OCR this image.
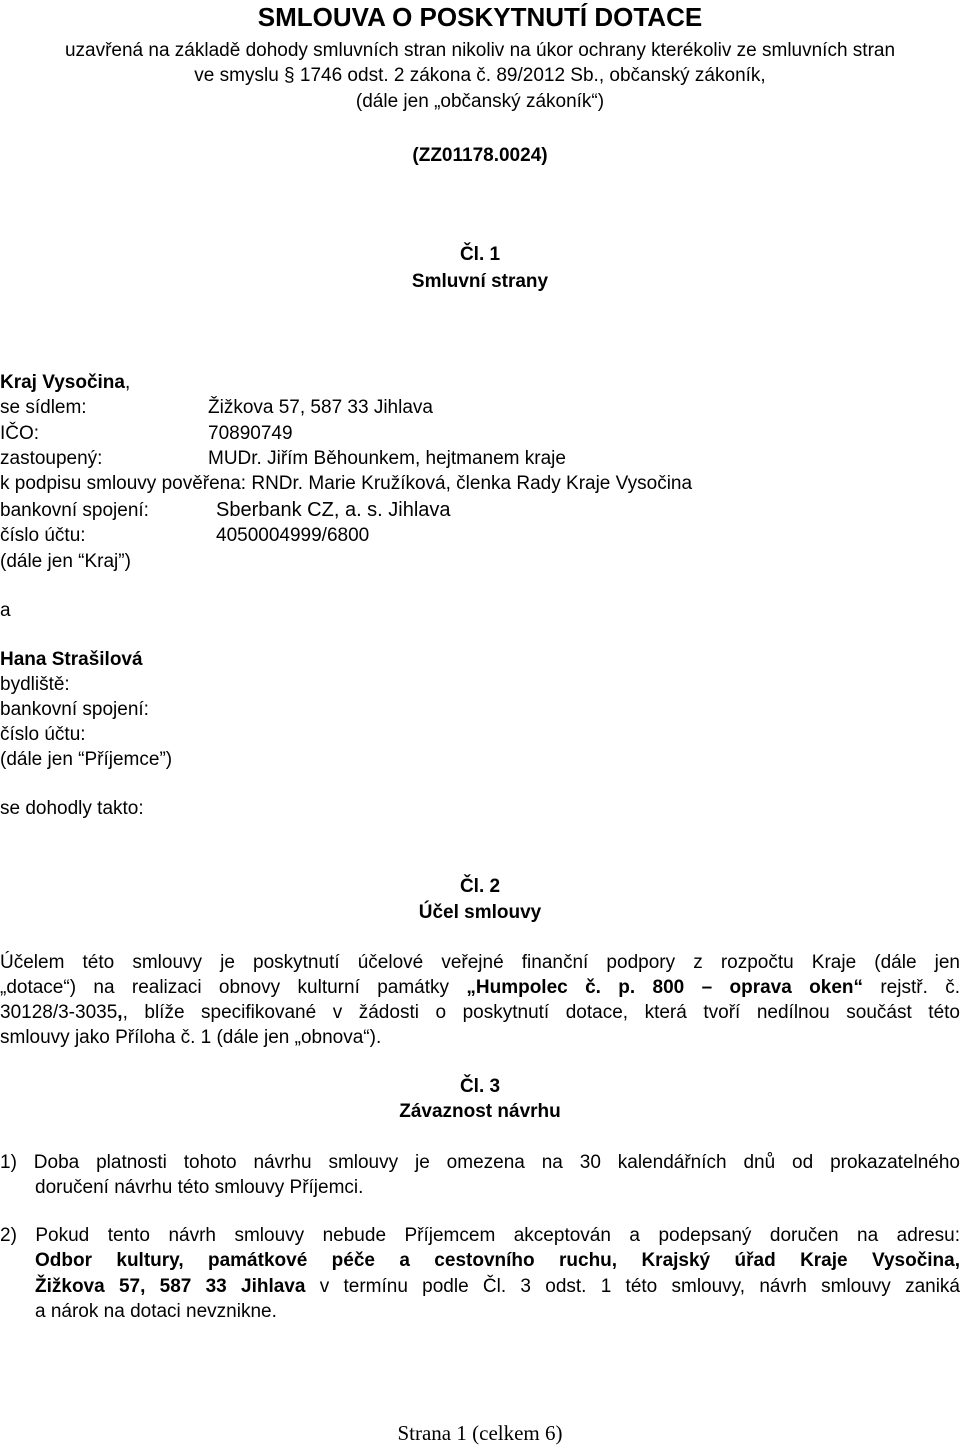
SMLOUVA O POSKYTNUTÍ DOTACE
uzavřená na základě dohody smluvních stran nikoliv na úkor ochrany kterékoliv ze smluvních stran
ve smyslu § 1746 odst. 2 zákona č. 89/2012 Sb., občanský zákoník,
(dále jen „občanský zákoník“)
(ZZ01178.0024)
Čl. 1
Smluvní strany
Kraj Vysočina,
se sídlem:	Žižkova 57, 587 33 Jihlava
IČO:	70890749
zastoupený:	MUDr. Jiřím Běhounkem, hejtmanem kraje
k podpisu smlouvy pověřena: RNDr. Marie Kružíková, členka Rady Kraje Vysočina
bankovní spojení:	Sberbank CZ, a. s. Jihlava
číslo účtu:	4050004999/6800
(dále jen “Kraj”)
a
Hana Strašilová
bydliště:
bankovní spojení:
číslo účtu:
(dále jen “Příjemce”)
se dohodly takto:
Čl. 2
Účel smlouvy
Účelem této smlouvy je poskytnutí účelové veřejné finanční podpory z rozpočtu Kraje (dále jen
„dotace“) na realizaci obnovy kulturní památky „Humpolec č. p. 800 – oprava oken“ rejstř. č.
30128/3-3035,, blíže specifikované v žádosti o poskytnutí dotace, která tvoří nedílnou součást této
smlouvy jako Příloha č. 1 (dále jen „obnova“).
Čl. 3
Závaznost návrhu
1) Doba platnosti tohoto návrhu smlouvy je omezena na 30 kalendářních dnů od prokazatelného
doručení návrhu této smlouvy Příjemci.
2) Pokud tento návrh smlouvy nebude Příjemcem akceptován a podepsaný doručen na adresu:
Odbor kultury, památkové péče a cestovního ruchu, Krajský úřad Kraje Vysočina,
Žižkova 57, 587 33 Jihlava v termínu podle Čl. 3 odst. 1 této smlouvy, návrh smlouvy zaniká
a nárok na dotaci nevznikne.
Strana 1 (celkem 6)
